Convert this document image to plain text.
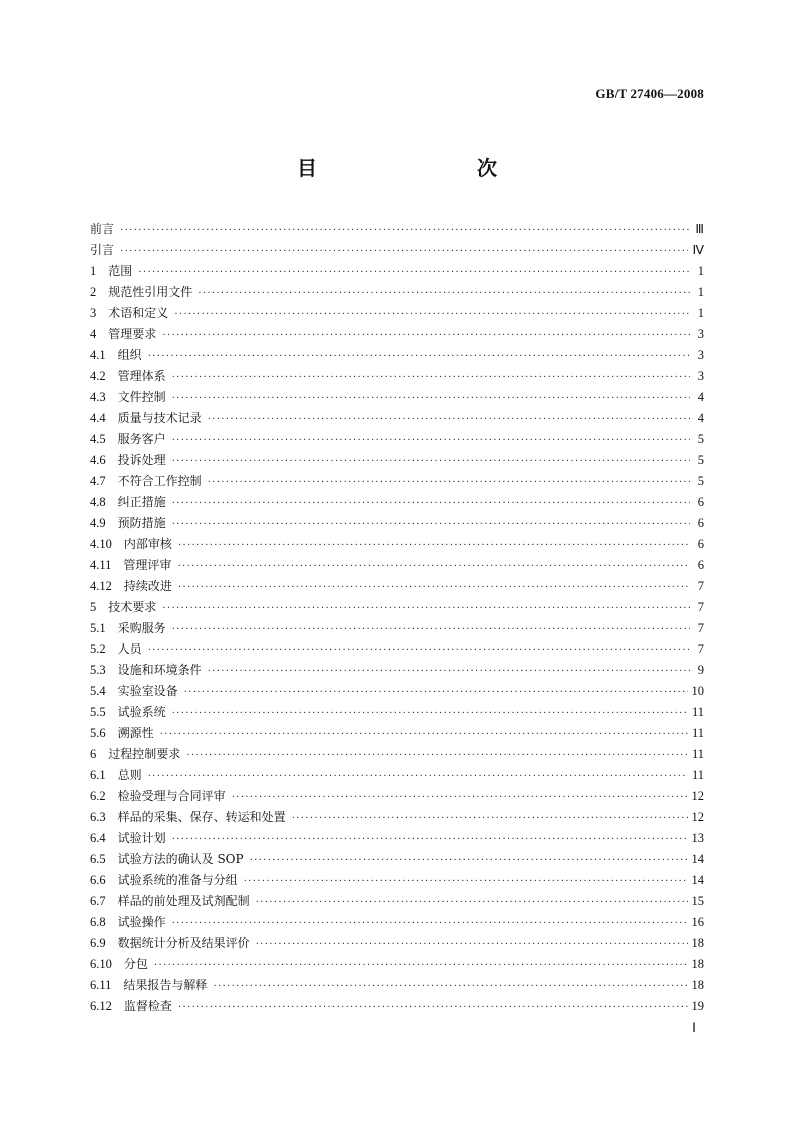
GB/T 27406—2008
目　　次
前言 ·····	Ⅲ
引言 ·····	Ⅳ
1	范围 ·····	1
2	规范性引用文件 ·····	1
3	术语和定义 ·····	1
4	管理要求 ·····	3
4.1	组织 ·····	3
4.2	管理体系 ·····	3
4.3	文件控制 ·····	4
4.4	质量与技术记录 ·····	4
4.5	服务客户 ·····	5
4.6	投诉处理 ·····	5
4.7	不符合工作控制 ·····	5
4.8	纠正措施 ·····	6
4.9	预防措施 ·····	6
4.10	内部审核 ·····	6
4.11	管理评审 ·····	6
4.12	持续改进 ·····	7
5	技术要求 ·····	7
5.1	采购服务 ·····	7
5.2	人员 ·····	7
5.3	设施和环境条件 ·····	9
5.4	实验室设备 ·····	10
5.5	试验系统 ·····	11
5.6	溯源性 ·····	11
6	过程控制要求 ·····	11
6.1	总则 ·····	11
6.2	检验受理与合同评审 ·····	12
6.3	样品的采集、保存、转运和处置 ·····	12
6.4	试验计划 ·····	13
6.5	试验方法的确认及 SOP ·····	14
6.6	试验系统的准备与分组 ·····	14
6.7	样品的前处理及试剂配制 ·····	15
6.8	试验操作 ·····	16
6.9	数据统计分析及结果评价 ·····	18
6.10	分包 ·····	18
6.11	结果报告与解释 ·····	18
6.12	监督检查 ·····	19
Ⅰ
